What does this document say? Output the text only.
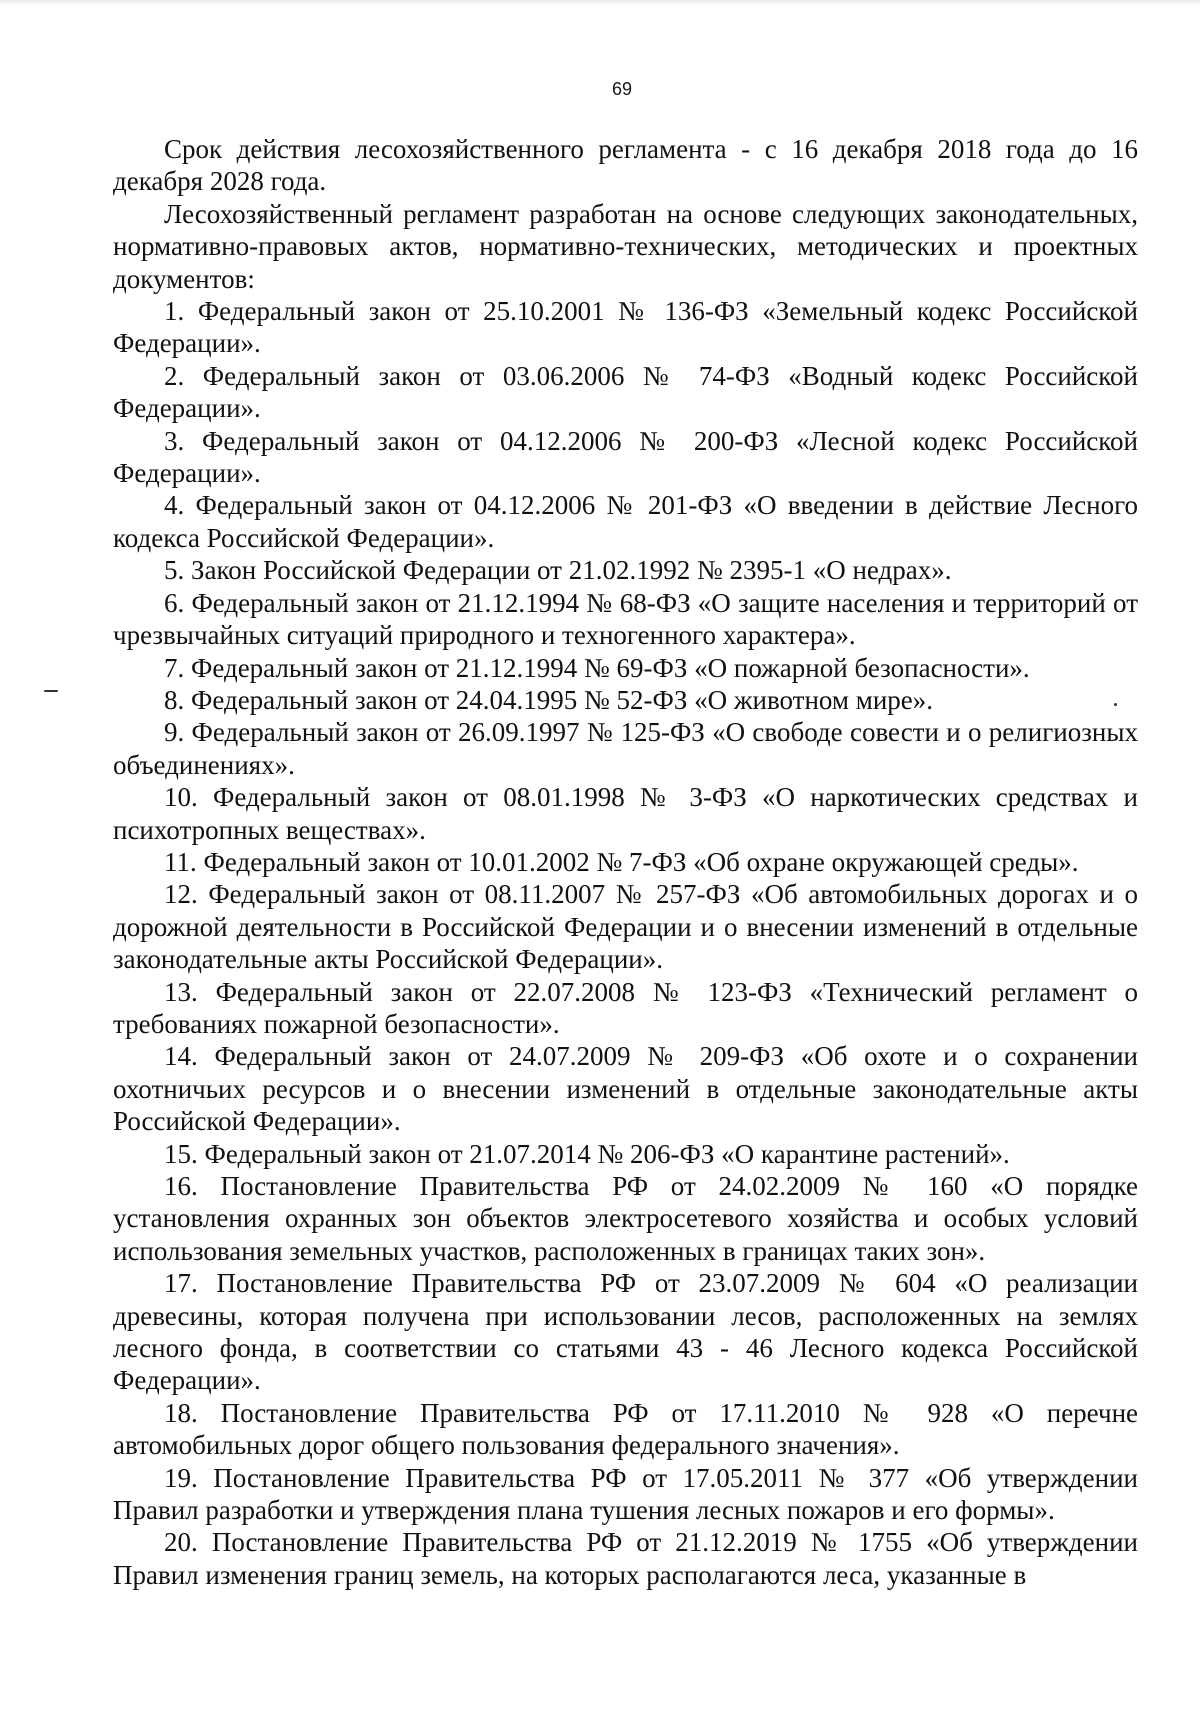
69

Срок действия лесохозяйственного регламента - с 16 декабря 2018 года до 16 декабря 2028 года.

Лесохозяйственный регламент разработан на основе следующих законодательных, нормативно-правовых актов, нормативно-технических, методических и проектных документов:

1. Федеральный закон от 25.10.2001 № 136-ФЗ «Земельный кодекс Российской Федерации».

2. Федеральный закон от 03.06.2006 № 74-ФЗ «Водный кодекс Российской Федерации».

3. Федеральный закон от 04.12.2006 № 200-ФЗ «Лесной кодекс Российской Федерации».

4. Федеральный закон от 04.12.2006 № 201-ФЗ «О введении в действие Лесного кодекса Российской Федерации».

5. Закон Российской Федерации от 21.02.1992 № 2395-1 «О недрах».

6. Федеральный закон от 21.12.1994 № 68-ФЗ «О защите населения и территорий от чрезвычайных ситуаций природного и техногенного характера».

7. Федеральный закон от 21.12.1994 № 69-ФЗ «О пожарной безопасности».

8. Федеральный закон от 24.04.1995 № 52-ФЗ «О животном мире».

9. Федеральный закон от 26.09.1997 № 125-ФЗ «О свободе совести и о религиозных объединениях».

10. Федеральный закон от 08.01.1998 № 3-ФЗ «О наркотических средствах и психотропных веществах».

11. Федеральный закон от 10.01.2002 № 7-ФЗ «Об охране окружающей среды».

12. Федеральный закон от 08.11.2007 № 257-ФЗ «Об автомобильных дорогах и о дорожной деятельности в Российской Федерации и о внесении изменений в отдельные законодательные акты Российской Федерации».

13. Федеральный закон от 22.07.2008 № 123-ФЗ «Технический регламент о требованиях пожарной безопасности».

14. Федеральный закон от 24.07.2009 № 209-ФЗ «Об охоте и о сохранении охотничьих ресурсов и о внесении изменений в отдельные законодательные акты Российской Федерации».

15. Федеральный закон от 21.07.2014 № 206-ФЗ «О карантине растений».

16. Постановление Правительства РФ от 24.02.2009 № 160 «О порядке установления охранных зон объектов электросетевого хозяйства и особых условий использования земельных участков, расположенных в границах таких зон».

17. Постановление Правительства РФ от 23.07.2009 № 604 «О реализации древесины, которая получена при использовании лесов, расположенных на землях лесного фонда, в соответствии со статьями 43 - 46 Лесного кодекса Российской Федерации».

18. Постановление Правительства РФ от 17.11.2010 № 928 «О перечне автомобильных дорог общего пользования федерального значения».

19. Постановление Правительства РФ от 17.05.2011 № 377 «Об утверждении Правил разработки и утверждения плана тушения лесных пожаров и его формы».

20. Постановление Правительства РФ от 21.12.2019 № 1755 «Об утверждении Правил изменения границ земель, на которых располагаются леса, указанные в
